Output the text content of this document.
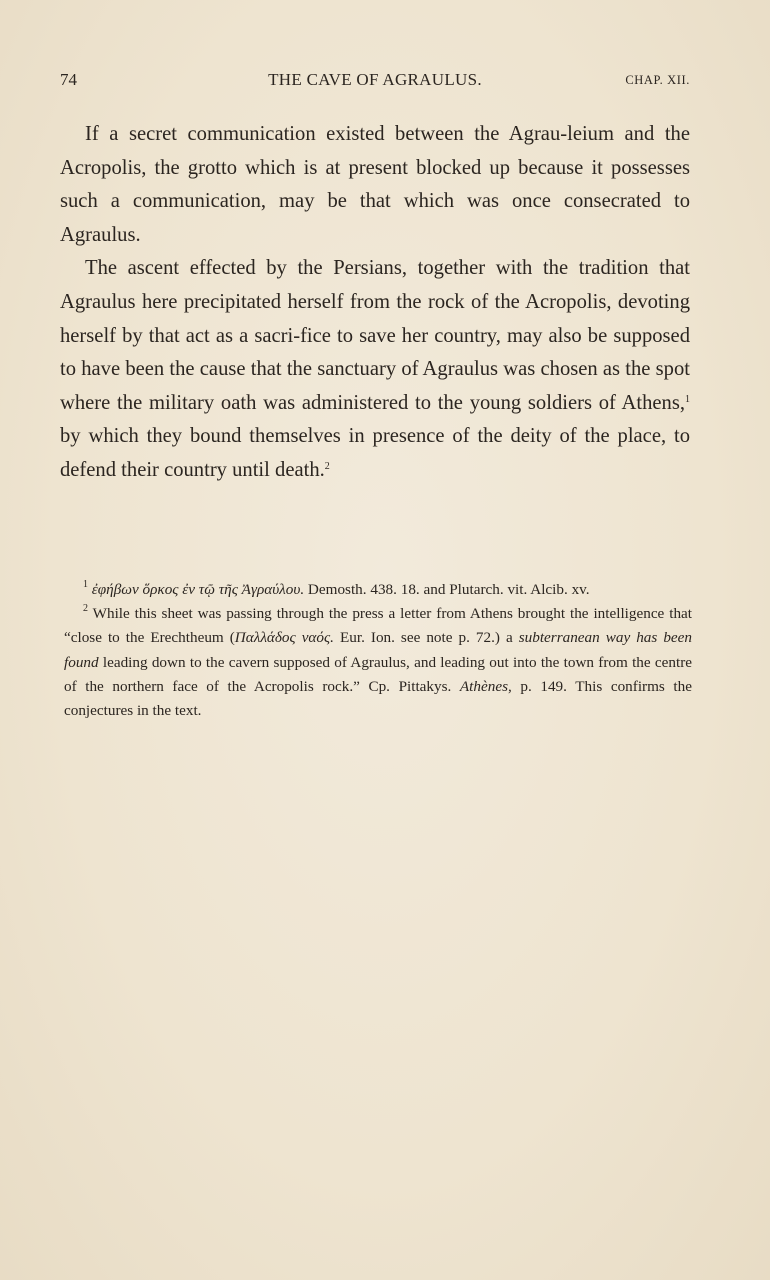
74	THE CAVE OF AGRAULUS.	CHAP. XII.

If a secret communication existed between the Agrau-leium and the Acropolis, the grotto which is at present blocked up because it possesses such a communication, may be that which was once consecrated to Agraulus.

The ascent effected by the Persians, together with the tradition that Agraulus here precipitated herself from the rock of the Acropolis, devoting herself by that act as a sacri-fice to save her country, may also be supposed to have been the cause that the sanctuary of Agraulus was chosen as the spot where the military oath was administered to the young soldiers of Athens,$^1$ by which they bound themselves in presence of the deity of the place, to defend their country until death.$^2$

$^1$ ἐφήβων ὅρκος ἐν τῷ τῆς Ἀγραύλου. Demosth. 438. 18. and Plutarch. vit. Alcib. xv.

$^2$ While this sheet was passing through the press a letter from Athens brought the intelligence that “close to the Erechtheum (Παλλάδος ναός. Eur. Ion. see note p. 72.) a subterranean way has been found leading down to the cavern supposed of Agraulus, and leading out into the town from the centre of the northern face of the Acropolis rock.” Cp. Pittakys. Athènes, p. 149. This confirms the conjectures in the text.
